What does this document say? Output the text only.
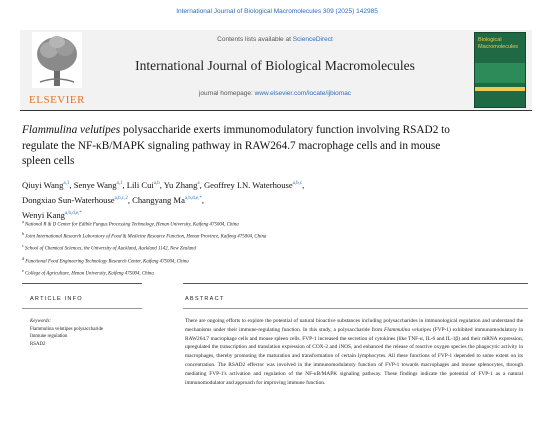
International Journal of Biological Macromolecules 309 (2025) 142985
ELSEVIER
Contents lists available at ScienceDirect
International Journal of Biological Macromolecules
journal homepage: www.elsevier.com/locate/ijbiomac
Biological Macromolecules
Flammulina velutipes polysaccharide exerts immunomodulatory function involving RSAD2 to regulate the NF-κB/MAPK signaling pathway in RAW264.7 macrophage cells and in mouse spleen cells
Qiuyi Wang$^{a,1}$, Senye Wang$^{a,1}$, Lili Cui$^{a,b}$, Yu Zhang$^a$, Geoffrey I.N. Waterhouse$^{a,b,c}$,
Dongxiao Sun-Waterhouse$^{a,b,c,2}$, Changyang $Ma^{a,b,d,e,*}$,
Wenyi Kang$^{a,b,d,e,*}$
$^a$ National R & D Center for Edible Fungus Processing Technology, Henan University, Kaifeng 475004, China
$^b$ Joint International Research Laboratory of Food & Medicine Resource Function, Henan Province, Kaifeng 475004, China
$^c$ School of Chemical Sciences, the University of Auckland, Auckland 1142, New Zealand
$^d$ Functional Food Engineering Technology Research Center, Kaifeng 475004, China
$^e$ College of Agriculture, Henan University, Kaifeng 475004, China
ARTICLE INFO	ABSTRACT
Keywords:
Flammulina velutipes polysaccharide
Immune regulation
RSAD2
There are ongoing efforts to explore the potential of natural bioactive substances including polysaccharides in immunological regulation and understand the mechanisms under their immune-regulating function. In this study, a polysaccharide from Flammulina velutipes (FVP-1) exhibited immunomodulatory in RAW264.7 macrophage cells and mouse spleen cells. FVP-1 increased the secretion of cytokines (like TNF-α, IL-6 and IL-1β) and their mRNA expression, upregulated the transcription and translation expression of COX-2 and iNOS, and enhanced the release of reactive oxygen species the phagocytic activity in macrophages, thereby promoting the maturation and transformation of certain lymphocytes. All these functions of FVP-1 depended to some extent on its concentration. The RSAD2 effector was involved in the immunomodulatory function of FVP-1 towards macrophages and mouse splenocytes, through mediating FVP-1's activation and regulation of the NF-κB/MAPK signaling pathway. These findings indicate the potential of FVP-1 as a natural immunomodulator and approach for improving immune function.
